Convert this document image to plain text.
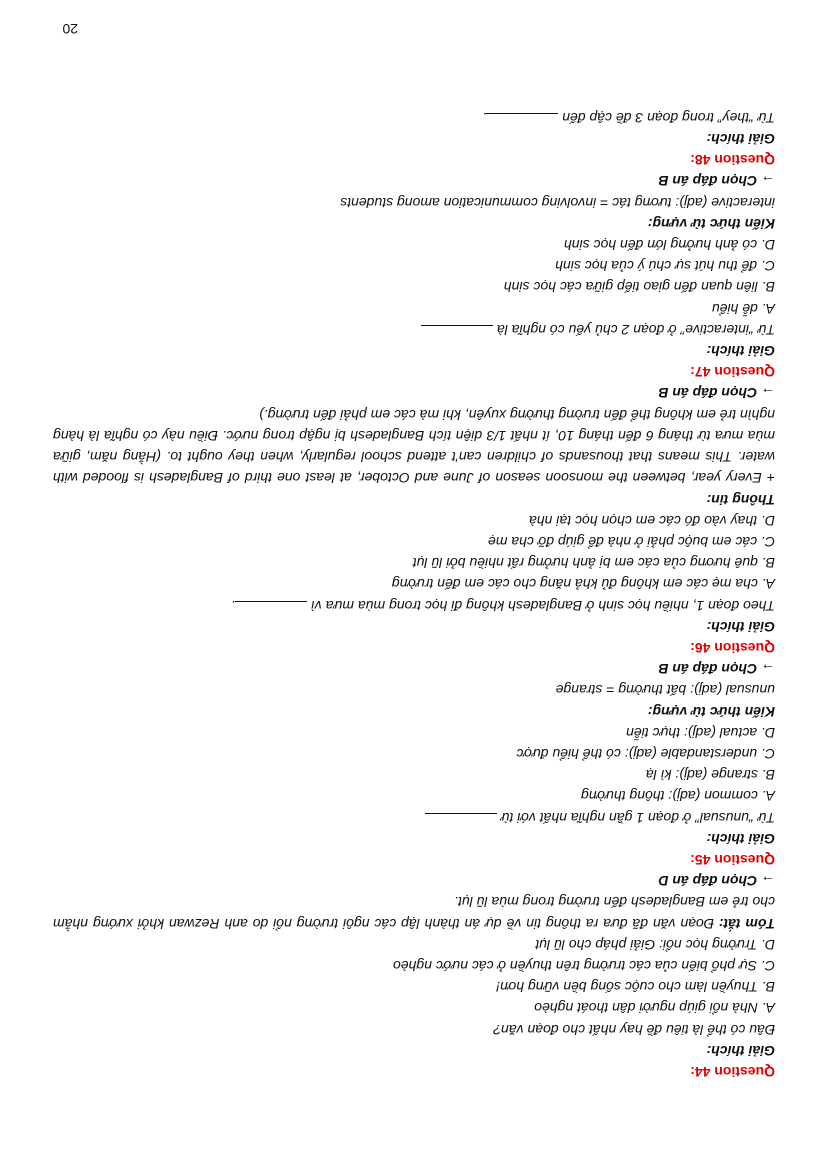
Question 44:
Giải thích:
Đâu có thể là tiêu đề hay nhất cho đoạn văn?
A. Nhà nổi giúp người dân thoát nghèo
B. Thuyền làm cho cuộc sống bền vững hơn!
C. Sự phổ biến của các trường trên thuyền ở các nước nghèo
D. Trường học nổi: Giải pháp cho lũ lụt
Tóm tắt: Đoạn văn đã đưa ra thông tin về dự án thành lập các ngôi trường nổi do anh Rezwan khởi xướng nhằm cho trẻ em Bangladesh đến trường trong mùa lũ lụt.
→ Chọn đáp án D
Question 45:
Giải thích:
Từ “unusual” ở đoạn 1 gần nghĩa nhất với từ
A. common (adj): thông thường
B. strange (adj): kì lạ
C. understandable (adj): có thể hiểu được
D. actual (adj): thực tiễn
Kiến thức từ vựng:
unusual (adj): bất thường = strange
→ Chọn đáp án B
Question 46:
Giải thích:
Theo đoạn 1, nhiều học sinh ở Bangladesh không đi học trong mùa mưa vì.
A. cha mẹ các em không đủ khả năng cho các em đến trường
B. quê hương của các em bị ảnh hưởng rất nhiều bởi lũ lụt
C. các em buộc phải ở nhà để giúp đỡ cha mẹ
D. thay vào đó các em chọn học tại nhà
Thông tin:
+ Every year, between the monsoon season of June and October, at least one third of Bangladesh is flooded with water. This means that thousands of children can’t attend school regularly, when they ought to. (Hằng năm, giữa mùa mưa từ tháng 6 đến tháng 10, ít nhất 1/3 diện tích Bangladesh bị ngập trong nước. Điều này có nghĩa là hàng nghìn trẻ em không thể đến trường thường xuyên, khi mà các em phải đến trường.)
→ Chọn đáp án B
Question 47:
Giải thích:
Từ “interactive” ở đoạn 2 chủ yếu có nghĩa là
A. dễ hiểu
B. liên quan đến giao tiếp giữa các học sinh
C. để thu hút sự chú ý của học sinh
D. có ảnh hưởng lớn đến học sinh
Kiến thức từ vựng:
interactive (adj): tương tác = involving communication among students
→ Chọn đáp án B
Question 48:
Giải thích:
Từ “they” trong đoạn 3 đề cập đến.
20
